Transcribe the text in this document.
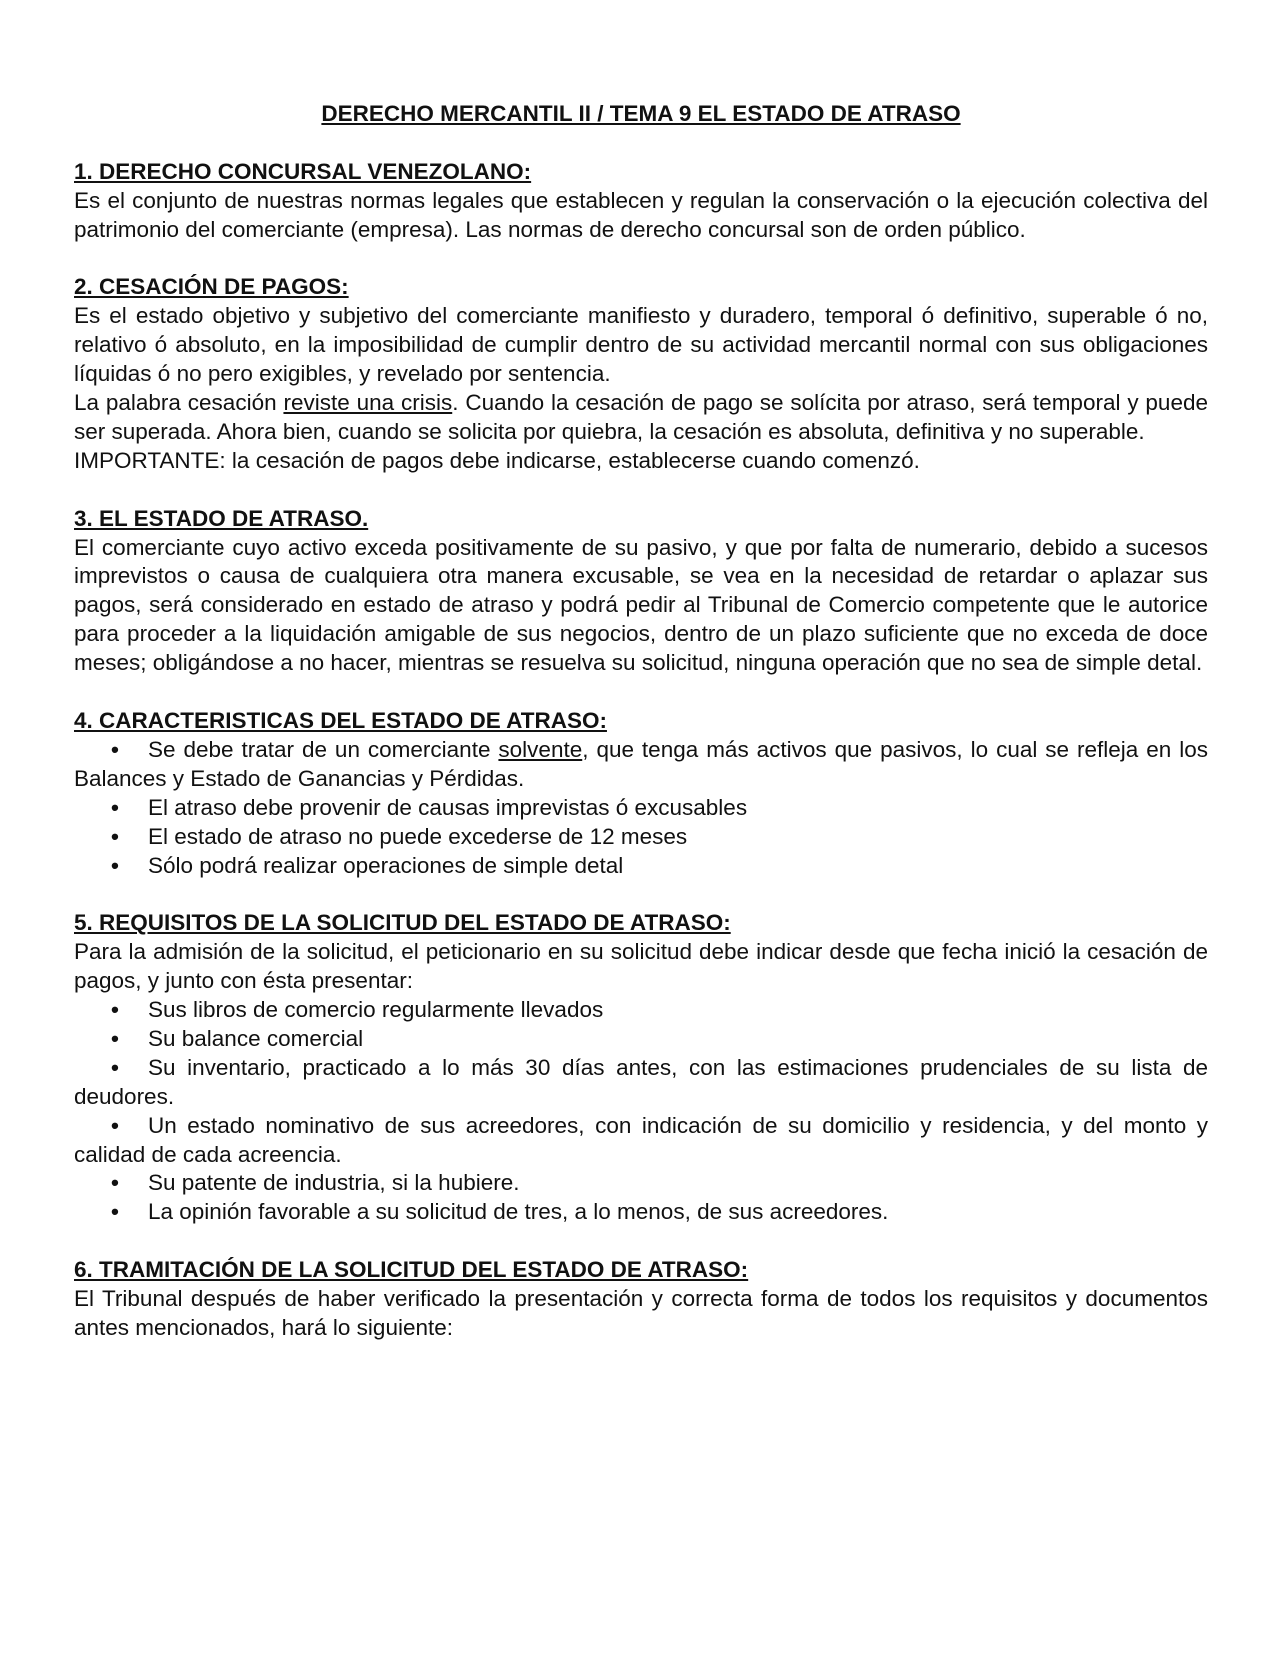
DERECHO MERCANTIL II / TEMA 9 EL ESTADO DE ATRASO
1. DERECHO CONCURSAL VENEZOLANO:

Es el conjunto de nuestras normas legales que establecen y regulan la conservación o la ejecución colectiva del patrimonio del comerciante (empresa). Las normas de derecho concursal son de orden público.

2. CESACIÓN DE PAGOS:

Es el estado objetivo y subjetivo del comerciante manifiesto y duradero, temporal ó definitivo, superable ó no, relativo ó absoluto, en la imposibilidad de cumplir dentro de su actividad mercantil normal con sus obligaciones líquidas ó no pero exigibles, y revelado por sentencia.

La palabra cesación reviste una crisis. Cuando la cesación de pago se solícita por atraso, será temporal y puede ser superada. Ahora bien, cuando se solicita por quiebra, la cesación es absoluta, definitiva y no superable.

IMPORTANTE: la cesación de pagos debe indicarse, establecerse cuando comenzó.

3. EL ESTADO DE ATRASO.

El comerciante cuyo activo exceda positivamente de su pasivo, y que por falta de numerario, debido a sucesos imprevistos o causa de cualquiera otra manera excusable, se vea en la necesidad de retardar o aplazar sus pagos, será considerado en estado de atraso y podrá pedir al Tribunal de Comercio competente que le autorice para proceder a la liquidación amigable de sus negocios, dentro de un plazo suficiente que no exceda de doce meses; obligándose a no hacer, mientras se resuelva su solicitud, ninguna operación que no sea de simple detal.

4. CARACTERISTICAS DEL ESTADO DE ATRASO:
• Se debe tratar de un comerciante solvente, que tenga más activos que pasivos, lo cual se refleja en los Balances y Estado de Ganancias y Pérdidas.
• El atraso debe provenir de causas imprevistas ó excusables
• El estado de atraso no puede excederse de 12 meses
• Sólo podrá realizar operaciones de simple detal
5. REQUISITOS DE LA SOLICITUD DEL ESTADO DE ATRASO:

Para la admisión de la solicitud, el peticionario en su solicitud debe indicar desde que fecha inició la cesación de pagos, y junto con ésta presentar:

• Sus libros de comercio regularmente llevados
• Su balance comercial
• Su inventario, practicado a lo más 30 días antes, con las estimaciones prudenciales de su lista de deudores.
• Un estado nominativo de sus acreedores, con indicación de su domicilio y residencia, y del monto y calidad de cada acreencia.
• Su patente de industria, si la hubiere.
• La opinión favorable a su solicitud de tres, a lo menos, de sus acreedores.
6. TRAMITACIÓN DE LA SOLICITUD DEL ESTADO DE ATRASO:

El Tribunal después de haber verificado la presentación y correcta forma de todos los requisitos y documentos antes mencionados, hará lo siguiente:
